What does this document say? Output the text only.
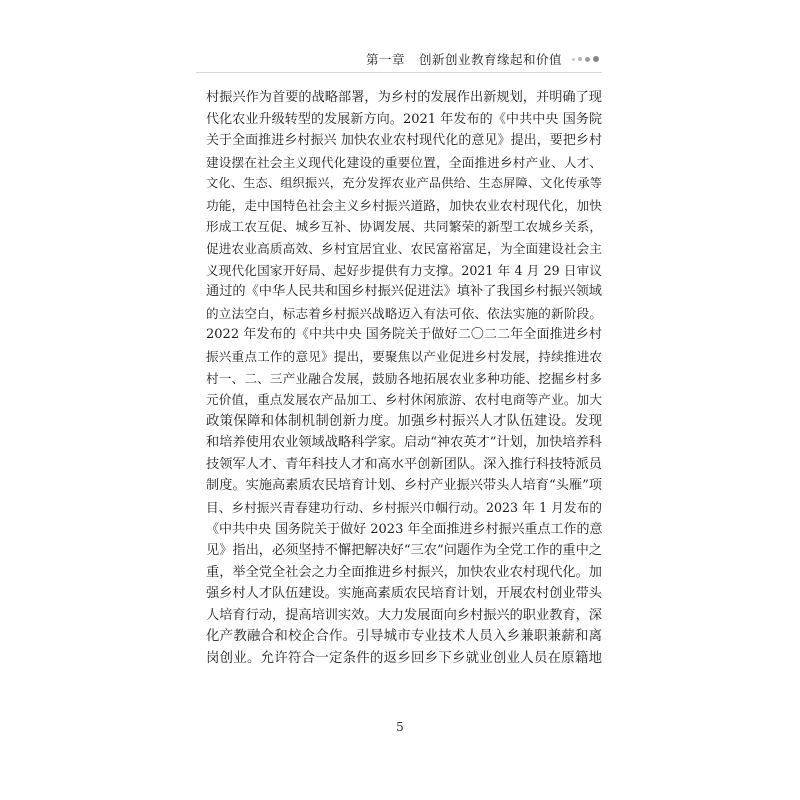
第一章 创新创业教育缘起和价值
村振兴作为首要的战略部署，为乡村的发展作出新规划，并明确了现
代化农业升级转型的发展新方向。2021 年发布的《中共中央 国务院
关于全面推进乡村振兴 加快农业农村现代化的意见》提出，要把乡村
建设摆在社会主义现代化建设的重要位置，全面推进乡村产业、人才、
文化、生态、组织振兴，充分发挥农业产品供给、生态屏障、文化传承等
功能，走中国特色社会主义乡村振兴道路，加快农业农村现代化，加快
形成工农互促、城乡互补、协调发展、共同繁荣的新型工农城乡关系，
促进农业高质高效、乡村宜居宜业、农民富裕富足，为全面建设社会主
义现代化国家开好局、起好步提供有力支撑。2021 年 4 月 29 日审议
通过的《中华人民共和国乡村振兴促进法》填补了我国乡村振兴领域
的立法空白，标志着乡村振兴战略迈入有法可依、依法实施的新阶段。
2022 年发布的《中共中央 国务院关于做好二〇二二年全面推进乡村
振兴重点工作的意见》提出，要聚焦以产业促进乡村发展，持续推进农
村一、二、三产业融合发展，鼓励各地拓展农业多种功能、挖掘乡村多
元价值，重点发展农产品加工、乡村休闲旅游、农村电商等产业。加大
政策保障和体制机制创新力度。加强乡村振兴人才队伍建设。发现
和培养使用农业领域战略科学家。启动“神农英才”计划，加快培养科
技领军人才、青年科技人才和高水平创新团队。深入推行科技特派员
制度。实施高素质农民培育计划、乡村产业振兴带头人培育“头雁”项
目、乡村振兴青春建功行动、乡村振兴巾帼行动。2023 年 1 月发布的
《中共中央 国务院关于做好 2023 年全面推进乡村振兴重点工作的意
见》指出，必须坚持不懈把解决好“三农”问题作为全党工作的重中之
重，举全党全社会之力全面推进乡村振兴，加快农业农村现代化。加
强乡村人才队伍建设。实施高素质农民培育计划，开展农村创业带头
人培育行动，提高培训实效。大力发展面向乡村振兴的职业教育，深
化产教融合和校企合作。引导城市专业技术人员入乡兼职兼薪和离
岗创业。允许符合一定条件的返乡回乡下乡就业创业人员在原籍地
5
